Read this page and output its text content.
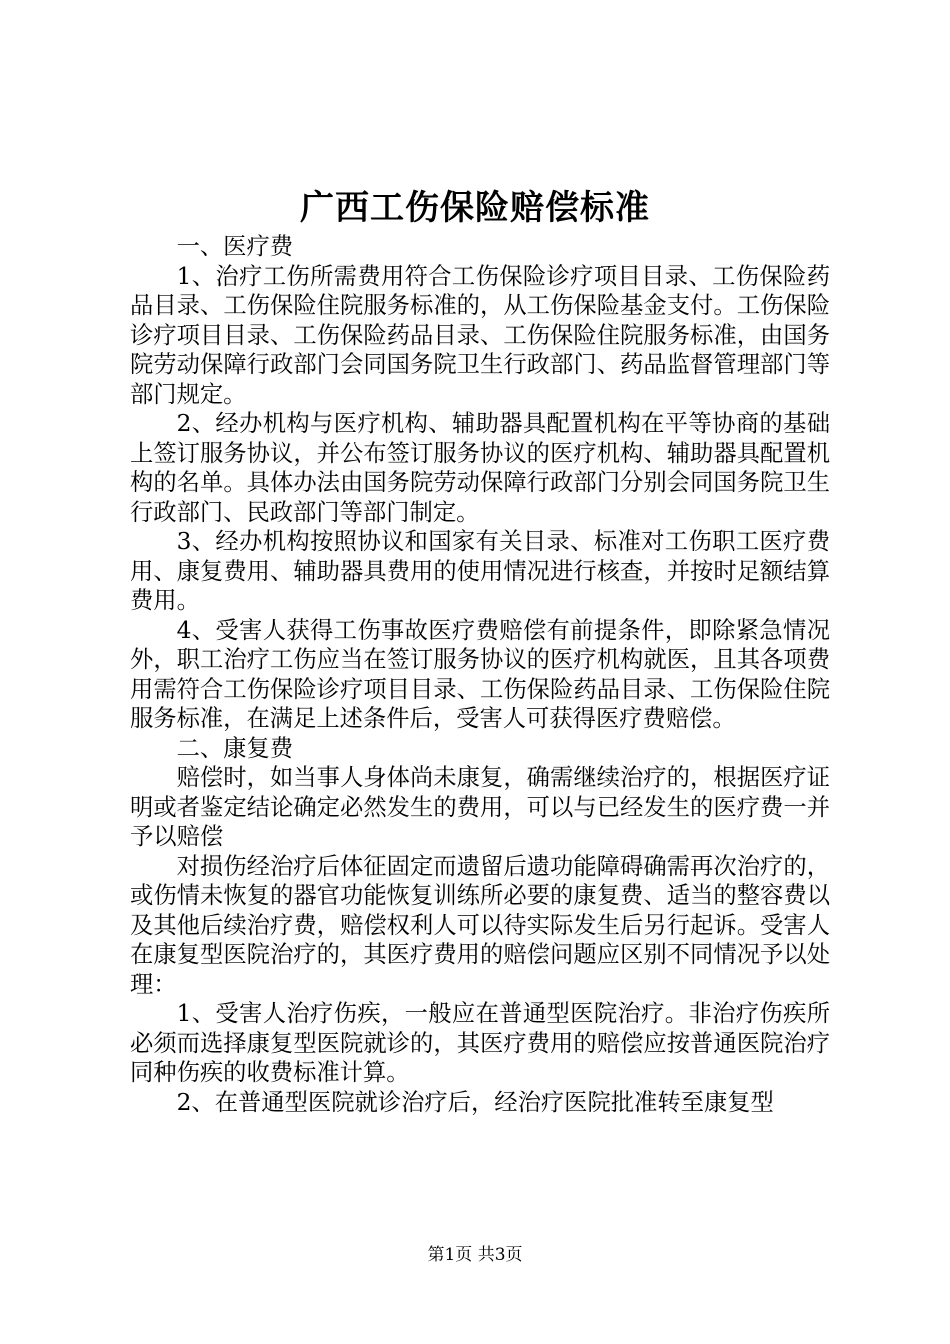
广西工伤保险赔偿标准

一、医疗费

1、治疗工伤所需费用符合工伤保险诊疗项目目录、工伤保险药品目录、工伤保险住院服务标准的，从工伤保险基金支付。工伤保险诊疗项目目录、工伤保险药品目录、工伤保险住院服务标准，由国务院劳动保障行政部门会同国务院卫生行政部门、药品监督管理部门等部门规定。

2、经办机构与医疗机构、辅助器具配置机构在平等协商的基础上签订服务协议，并公布签订服务协议的医疗机构、辅助器具配置机构的名单。具体办法由国务院劳动保障行政部门分别会同国务院卫生行政部门、民政部门等部门制定。

3、经办机构按照协议和国家有关目录、标准对工伤职工医疗费用、康复费用、辅助器具费用的使用情况进行核查，并按时足额结算费用。

4、受害人获得工伤事故医疗费赔偿有前提条件，即除紧急情况外，职工治疗工伤应当在签订服务协议的医疗机构就医，且其各项费用需符合工伤保险诊疗项目目录、工伤保险药品目录、工伤保险住院服务标准，在满足上述条件后，受害人可获得医疗费赔偿。

二、康复费

赔偿时，如当事人身体尚未康复，确需继续治疗的，根据医疗证明或者鉴定结论确定必然发生的费用，可以与已经发生的医疗费一并予以赔偿

对损伤经治疗后体征固定而遗留后遗功能障碍确需再次治疗的，或伤情未恢复的器官功能恢复训练所必要的康复费、适当的整容费以及其他后续治疗费，赔偿权利人可以待实际发生后另行起诉。受害人在康复型医院治疗的，其医疗费用的赔偿问题应区别不同情况予以处理：

1、受害人治疗伤疾，一般应在普通型医院治疗。非治疗伤疾所必须而选择康复型医院就诊的，其医疗费用的赔偿应按普通医院治疗同种伤疾的收费标准计算。

2、在普通型医院就诊治疗后，经治疗医院批准转至康复型

第1页 共3页
